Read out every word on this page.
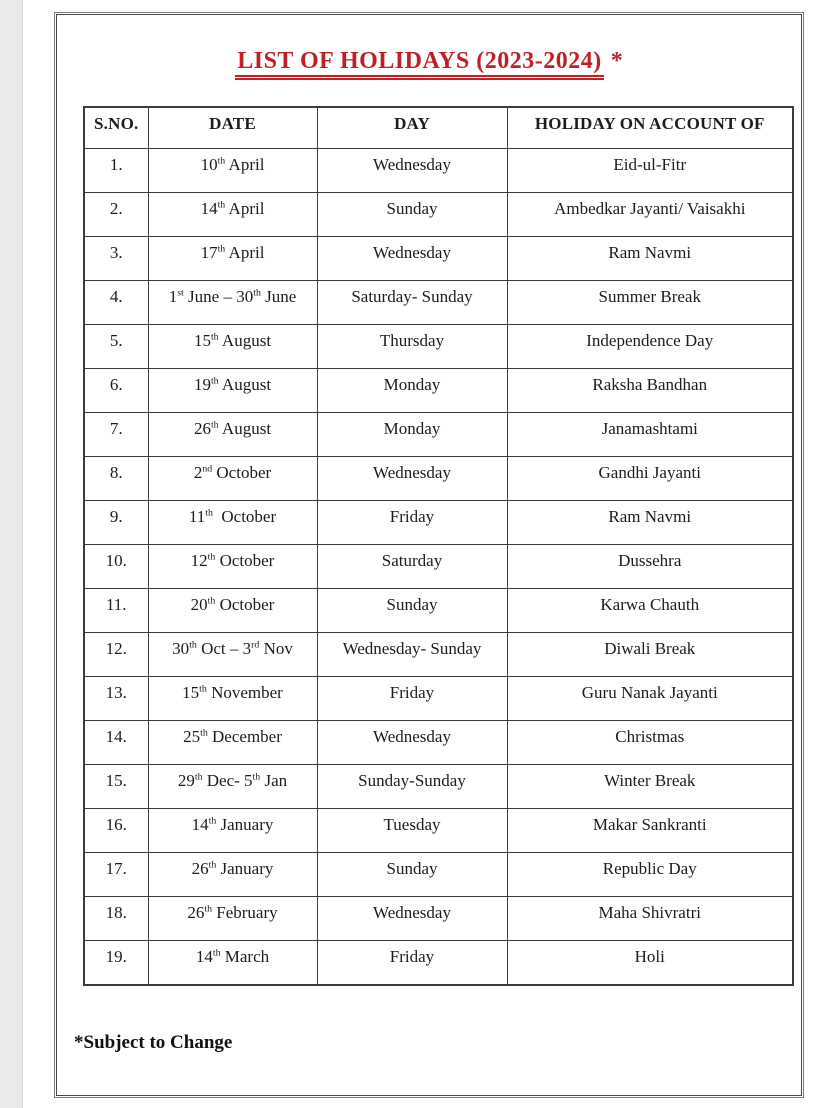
LIST OF HOLIDAYS (2023-2024) *
S.NO.	DATE	DAY	HOLIDAY ON ACCOUNT OF
1.	10th April	Wednesday	Eid-ul-Fitr
2.	14th April	Sunday	Ambedkar Jayanti/ Vaisakhi
3.	17th April	Wednesday	Ram Navmi
4.	1st June – 30th June	Saturday- Sunday	Summer Break
5.	15th August	Thursday	Independence Day
6.	19th August	Monday	Raksha Bandhan
7.	26th August	Monday	Janamashtami
8.	2nd October	Wednesday	Gandhi Jayanti
9.	11th  October	Friday	Ram Navmi
10.	12th October	Saturday	Dussehra
11.	20th October	Sunday	Karwa Chauth
12.	30th Oct – 3rd Nov	Wednesday- Sunday	Diwali Break
13.	15th November	Friday	Guru Nanak Jayanti
14.	25th December	Wednesday	Christmas
15.	29th Dec- 5th Jan	Sunday-Sunday	Winter Break
16.	14th January	Tuesday	Makar Sankranti
17.	26th January	Sunday	Republic Day
18.	26th February	Wednesday	Maha Shivratri
19.	14th March	Friday	Holi
*Subject to Change
